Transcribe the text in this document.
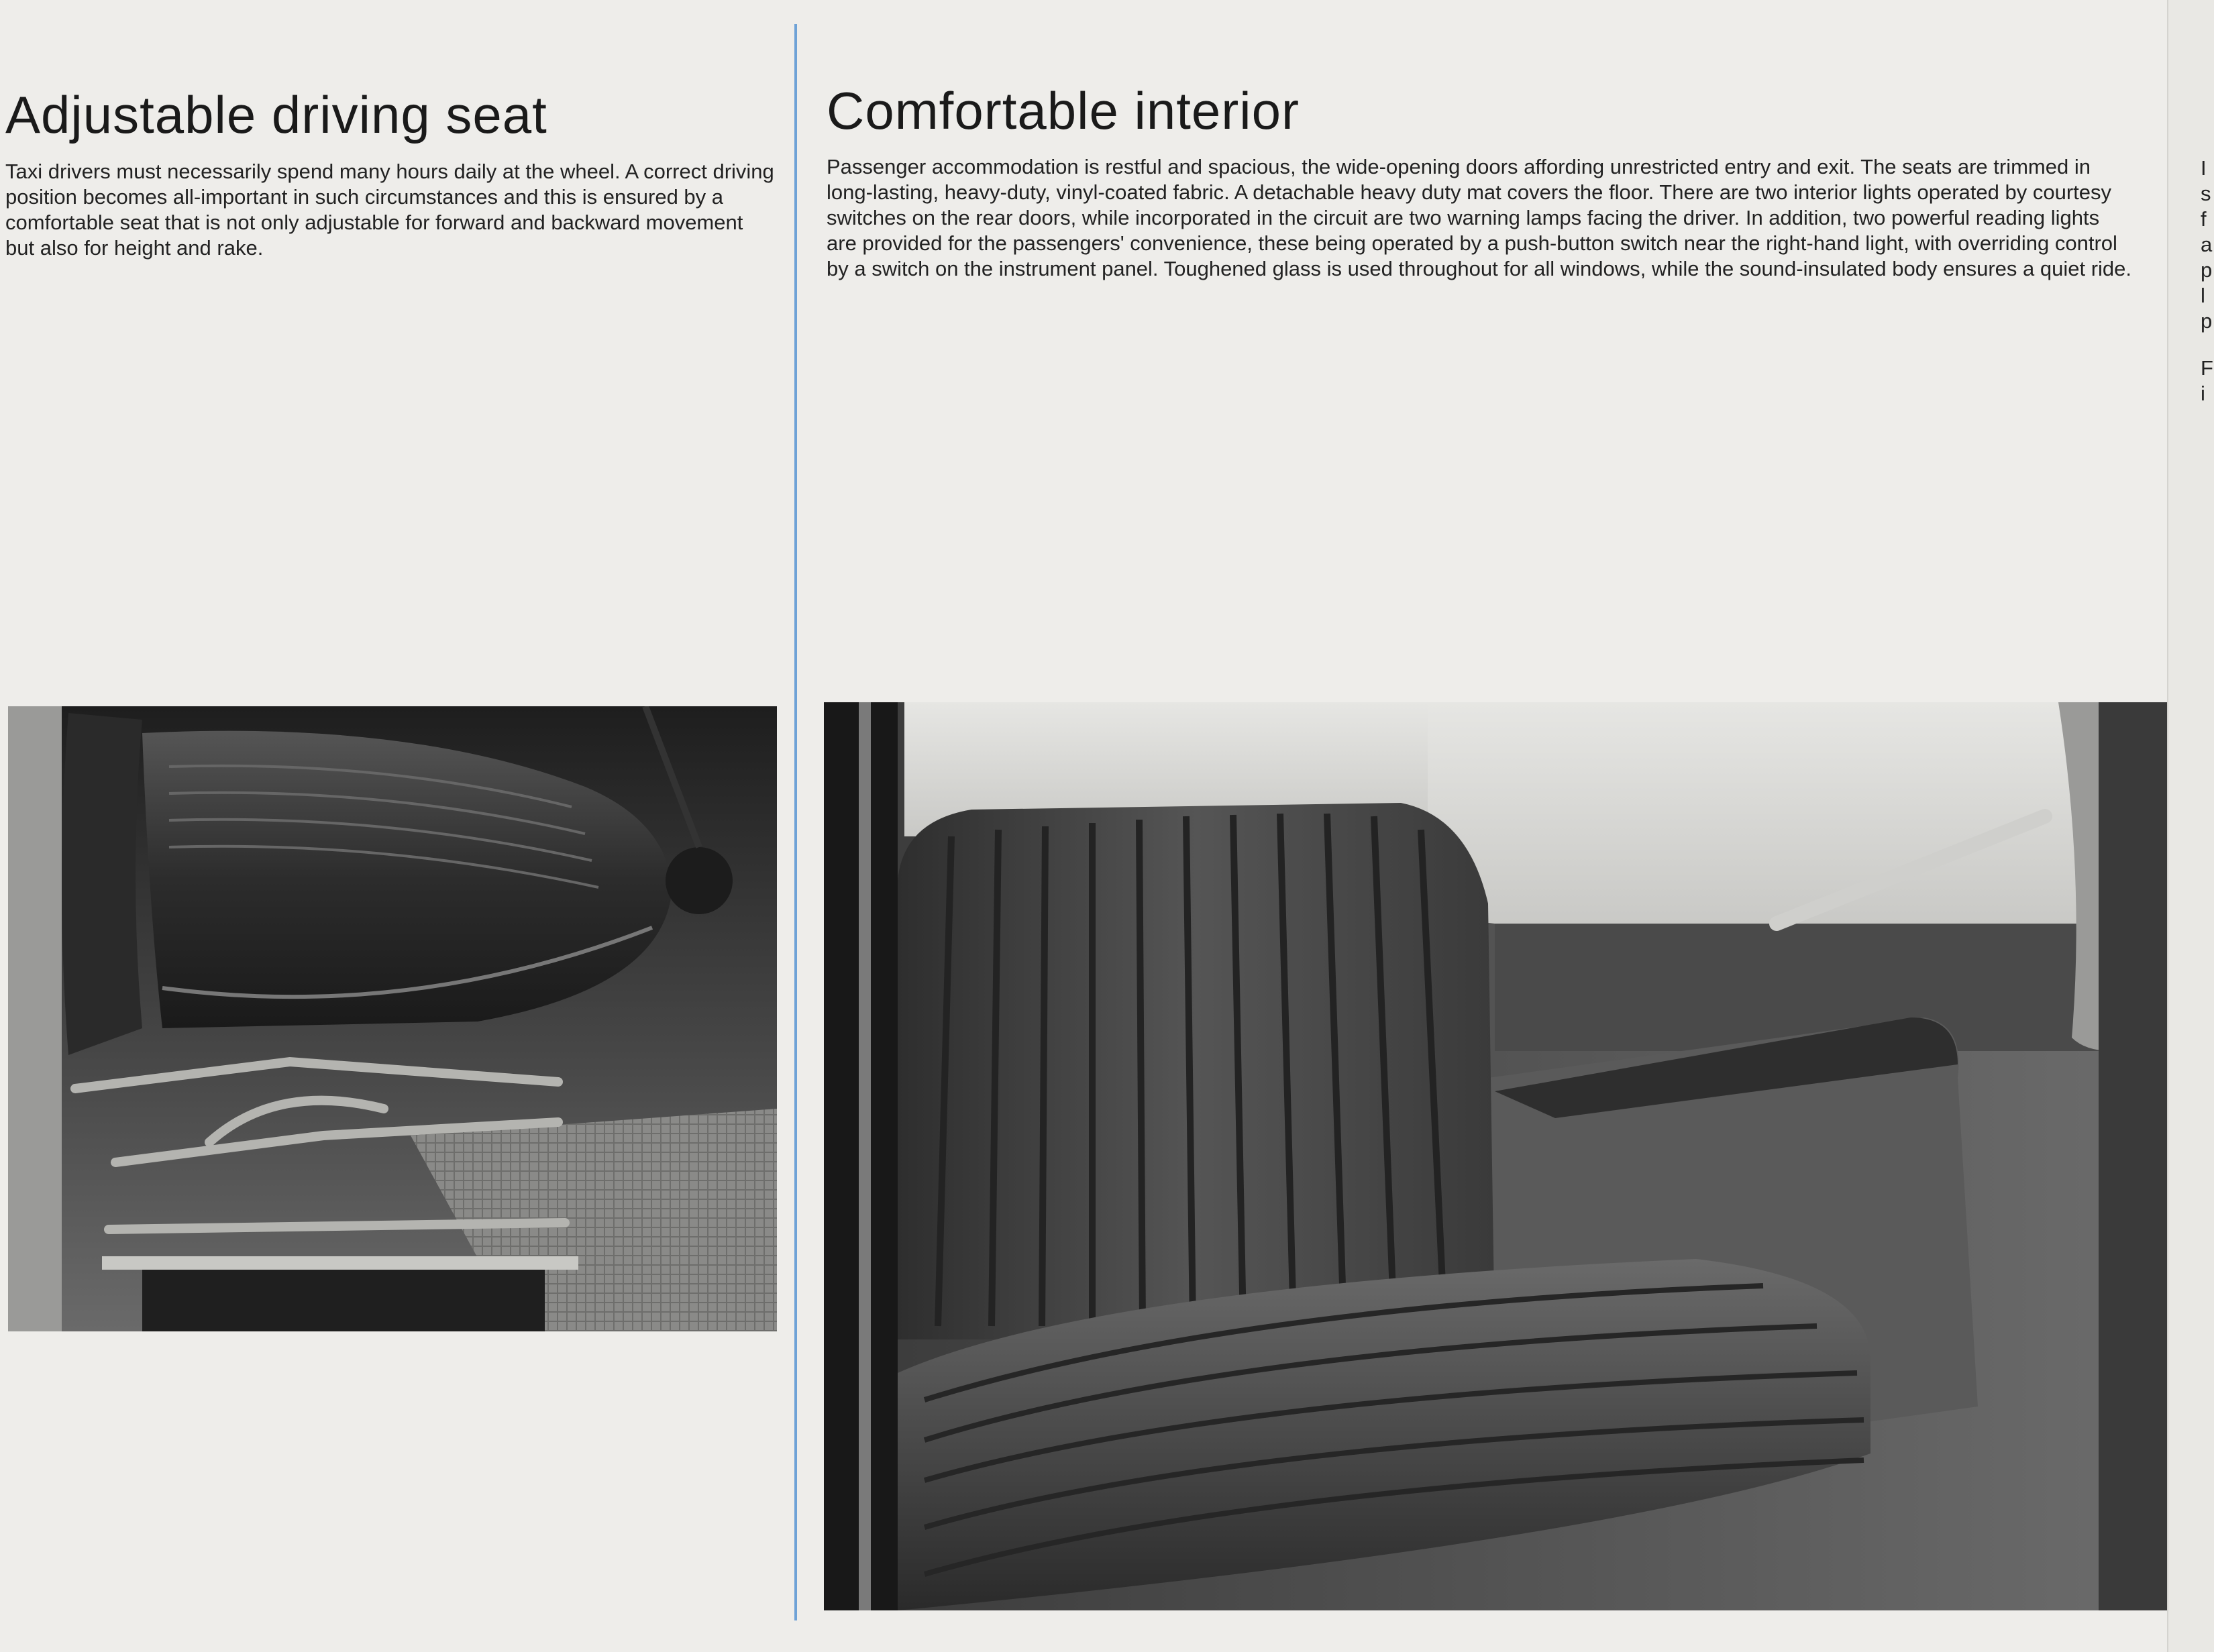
Adjustable driving seat

Taxi drivers must necessarily spend many hours daily at the wheel. A correct driving position becomes all-important in such circumstances and this is ensured by a comfortable seat that is not only adjustable for forward and backward movement but also for height and rake.

Comfortable interior

Passenger accommodation is restful and spacious, the wide-opening doors affording unrestricted entry and exit. The seats are trimmed in long-lasting, heavy-duty, vinyl-coated fabric. A detachable heavy duty mat covers the floor. There are two interior lights operated by courtesy switches on the rear doors, while incorporated in the circuit are two warning lamps facing the driver. In addition, two powerful reading lights are provided for the passengers' convenience, these being operated by a push-button switch near the right-hand light, with overriding control by a switch on the instrument panel. Toughened glass is used throughout for all windows, while the sound-insulated body ensures a quiet ride.

I
s
f
a
p
l
p
F
i
